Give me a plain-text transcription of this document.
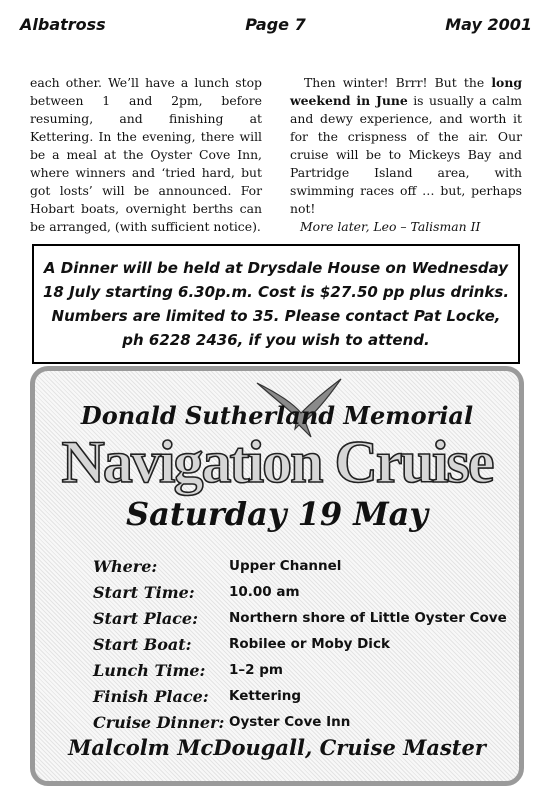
Albatross	Page 7	May 2001

each other. We’ll have a lunch stop between 1 and 2pm, before resuming, and finishing at Kettering. In the evening, there will be a meal at the Oyster Cove Inn, where winners and ‘tried hard, but got losts’ will be announced. For Hobart boats, overnight berths can be arranged, (with sufficient notice).

Then winter! Brrr! But the long weekend in June is usually a calm and dewy experience, and worth it for the crispness of the air. Our cruise will be to Mickeys Bay and Partridge Island area, with swimming races off … but, perhaps not!

More later, Leo – Talisman II

A Dinner will be held at Drysdale House on Wednesday 18 July starting 6.30p.m. Cost is $27.50 pp plus drinks. Numbers are limited to 35. Please contact Pat Locke, ph 6228 2436, if you wish to attend.
Donald Sutherland Memorial
Navigation Cruise
Saturday 19 May
Where:	Upper Channel
Start Time:	10.00 am
Start Place:	Northern shore of Little Oyster Cove
Start Boat:	Robilee or Moby Dick
Lunch Time:	1–2 pm
Finish Place:	Kettering
Cruise Dinner: Oyster Cove Inn
Malcolm McDougall, Cruise Master
